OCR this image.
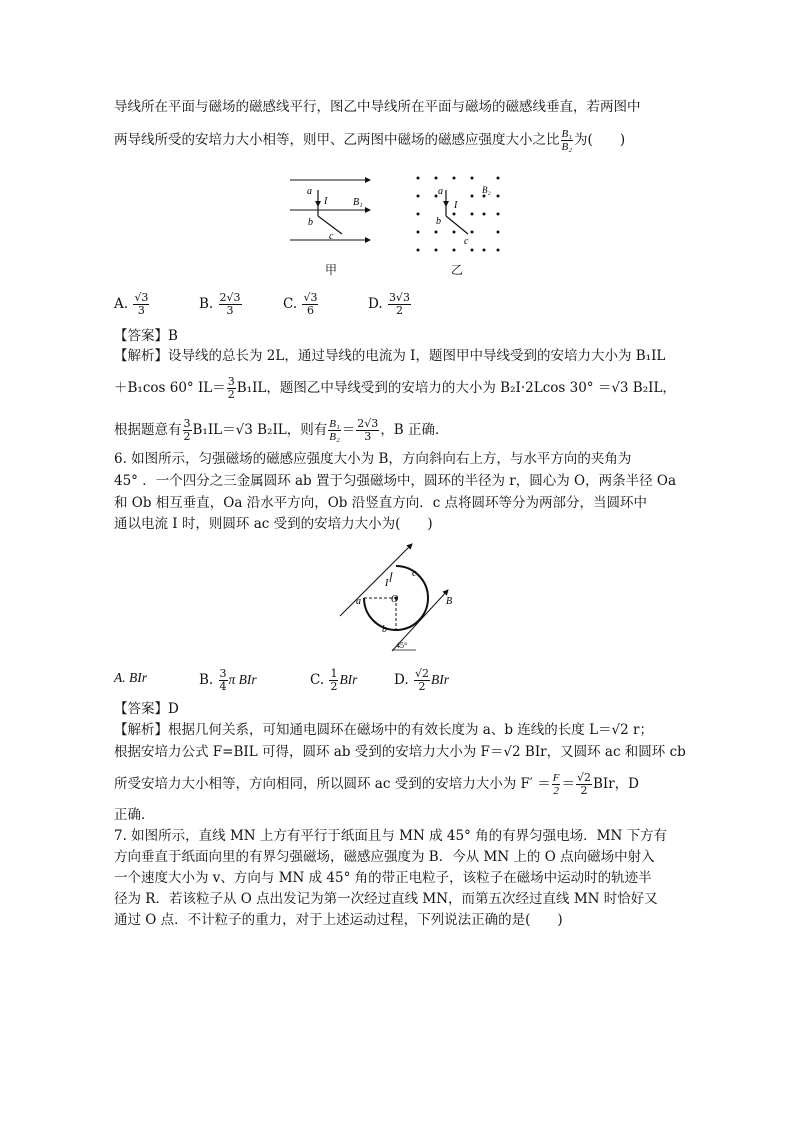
导线所在平面与磁场的磁感线平行，图乙中导线所在平面与磁场的磁感线垂直，若两图中
两导线所受的安培力大小相等，则甲、乙两图中磁场的磁感应强度大小之比 $\frac{\text{B₁}}{\text{B₂}}$ 为(　　)
a
I	B₁
b
c
甲
a
I
B₂
b
c
乙
A. $\frac{√3}{3}$	B. $\frac{2√3}{3}$	C. $\frac{√3}{6}$	D. $\frac{3√3}{2}$
【答案】B
【解析】设导线的总长为 2L，通过导线的电流为 I，题图甲中导线受到的安培力大小为 B₁IL
＋B₁cos 60° $IL= \frac{3}{2} B_1IL$，题图乙中导线受到的安培力的大小为 B₂I·2Lcos 30° ＝√3 B₂IL，
根据题意有 $\frac{3}{2} B_1IL=√3$ B₂IL，则有 $\frac{\text{B₁}}{\text{B₂}} = \frac{2√3}{3}$ ，B 正确．
6. 如图所示，匀强磁场的磁感应强度大小为 B，方向斜向右上方，与水平方向的夹角为
45° ．一个四分之三金属圆环 ab 置于匀强磁场中，圆环的半径为 r，圆心为 O，两条半径 Oa
和 Ob 相互垂直，Oa 沿水平方向，Ob 沿竖直方向．c 点将圆环等分为两部分，当圆环中
通以电流 I 时，则圆环 ac 受到的安培力大小为(　　)
I
a	O
c
b
B
45°
A. BIr	B. $\frac{3}{4}$ π BIr	C. $\frac{1}{2}$ BIr	D. $\frac{√2}{2}$ BIr
【答案】D
【解析】根据几何关系，可知通电圆环在磁场中的有效长度为 a、b 连线的长度 L＝√2 r；
根据安培力公式 F=BIL 可得，圆环 ab 受到的安培力大小为 F＝√2 BIr，又圆环 ac 和圆环 cb
所受安培力大小相等，方向相同，所以圆环 ac 受到的安培力大小为 $F' = \frac{F}{2} = \frac{√2}{2}$ BIr，D
正确．
7. 如图所示，直线 MN 上方有平行于纸面且与 MN 成 45° 角的有界匀强电场．MN 下方有
方向垂直于纸面向里的有界匀强磁场，磁感应强度为 B．今从 MN 上的 O 点向磁场中射入
一个速度大小为 v、方向与 MN 成 45° 角的带正电粒子，该粒子在磁场中运动时的轨迹半
径为 R．若该粒子从 O 点出发记为第一次经过直线 MN，而第五次经过直线 MN 时恰好又
通过 O 点．不计粒子的重力，对于上述运动过程，下列说法正确的是(　　)
